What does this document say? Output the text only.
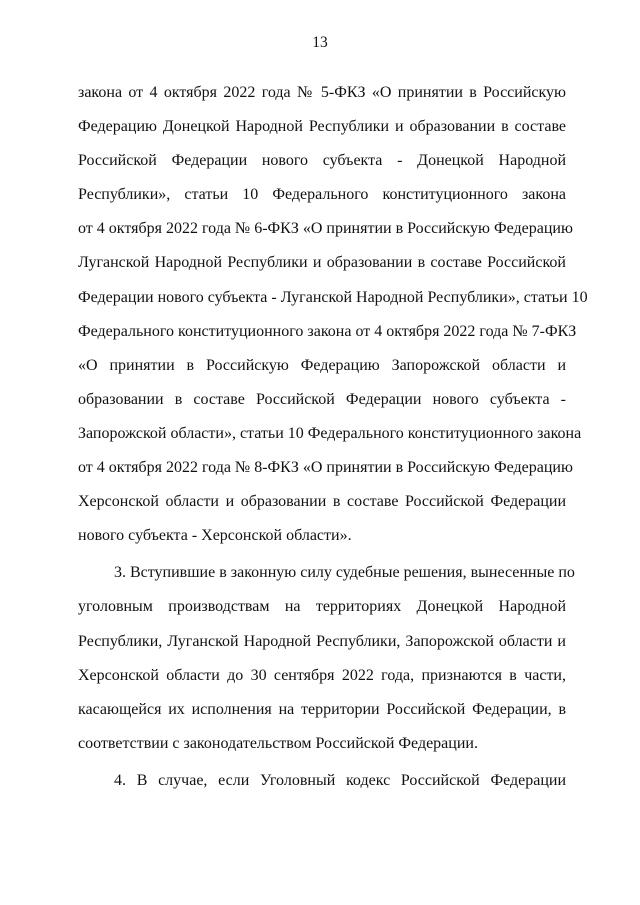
13
закона от 4 октября 2022 года № 5-ФКЗ «О принятии в Российскую
Федерацию Донецкой Народной Республики и образовании в составе
Российской Федерации нового субъекта - Донецкой Народной
Республики», статьи 10 Федерального конституционного закона
от 4 октября 2022 года № 6-ФКЗ «О принятии в Российскую Федерацию
Луганской Народной Республики и образовании в составе Российской
Федерации нового субъекта - Луганской Народной Республики», статьи 10
Федерального конституционного закона от 4 октября 2022 года № 7-ФКЗ
«О принятии в Российскую Федерацию Запорожской области и
образовании в составе Российской Федерации нового субъекта -
Запорожской области», статьи 10 Федерального конституционного закона
от 4 октября 2022 года № 8-ФКЗ «О принятии в Российскую Федерацию
Херсонской области и образовании в составе Российской Федерации
нового субъекта - Херсонской области».
3. Вступившие в законную силу судебные решения, вынесенные по
уголовным производствам на территориях Донецкой Народной
Республики, Луганской Народной Республики, Запорожской области и
Херсонской области до 30 сентября 2022 года, признаются в части,
касающейся их исполнения на территории Российской Федерации, в
соответствии с законодательством Российской Федерации.
4. В случае, если Уголовный кодекс Российской Федерации
